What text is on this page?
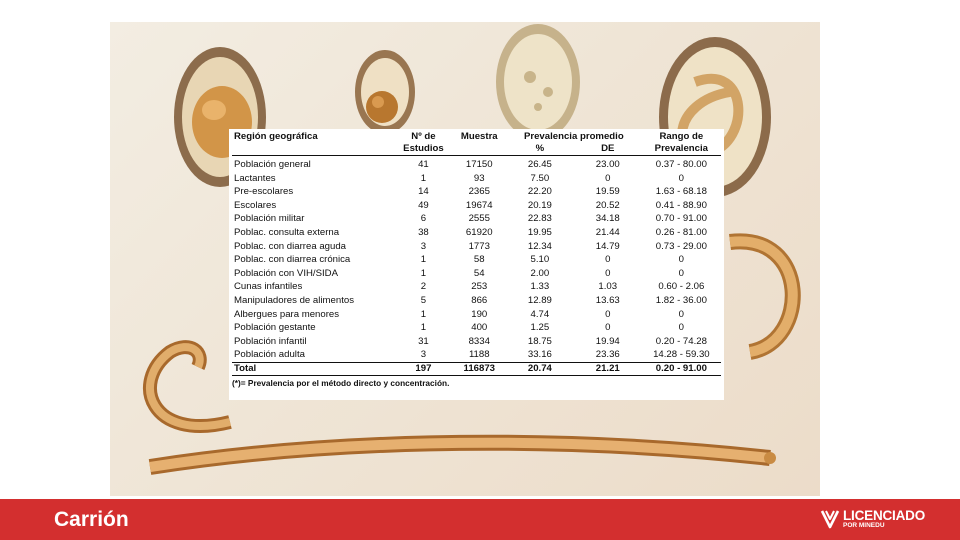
Región geográfica	Nº de	Muestra	Prevalencia promedio		Rango de
	Estudios		%	DE	Prevalencia
Población general	41	17150	26.45	23.00	0.37 - 80.00
Lactantes	1	93	7.50	0	0
Pre-escolares	14	2365	22.20	19.59	1.63 - 68.18
Escolares	49	19674	20.19	20.52	0.41 - 88.90
Población militar	6	2555	22.83	34.18	0.70 - 91.00
Poblac. consulta externa	38	61920	19.95	21.44	0.26 - 81.00
Poblac. con diarrea aguda	3	1773	12.34	14.79	0.73 - 29.00
Poblac. con diarrea crónica	1	58	5.10	0	0
Población con VIH/SIDA	1	54	2.00	0	0
Cunas infantiles	2	253	1.33	1.03	0.60 - 2.06
Manipuladores de alimentos	5	866	12.89	13.63	1.82 - 36.00
Albergues para menores	1	190	4.74	0	0
Población gestante	1	400	1.25	0	0
Población infantil	31	8334	18.75	19.94	0.20 - 74.28
Población adulta	3	1188	33.16	23.36	14.28 - 59.30
Total	197	116873	20.74	21.21	0.20 - 91.00
(*)= Prevalencia por el método directo y concentración.
Carrión	LICENCIADO
POR MINEDU
